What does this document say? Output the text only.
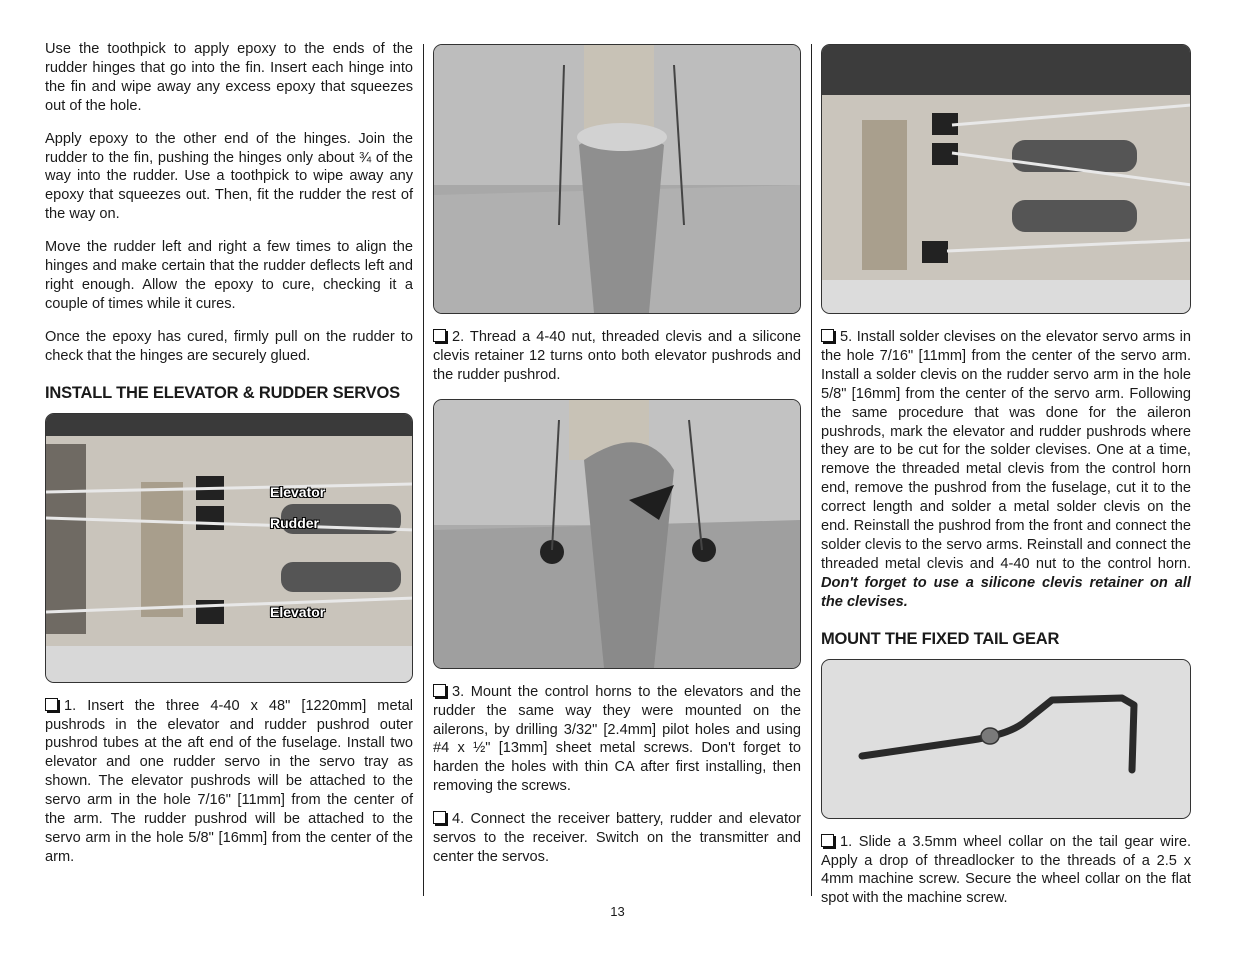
Use the toothpick to apply epoxy to the ends of the rudder hinges that go into the fin. Insert each hinge into the fin and wipe away any excess epoxy that squeezes out of the hole.

Apply epoxy to the other end of the hinges. Join the rudder to the fin, pushing the hinges only about ¾ of the way into the rudder. Use a toothpick to wipe away any epoxy that squeezes out. Then, fit the rudder the rest of the way on.

Move the rudder left and right a few times to align the hinges and make certain that the rudder deflects left and right enough. Allow the epoxy to cure, checking it a couple of times while it cures.

Once the epoxy has cured, firmly pull on the rudder to check that the hinges are securely glued.

INSTALL THE ELEVATOR & RUDDER SERVOS
Elevator
Rudder
Elevator

1. Insert the three 4-40 x 48" [1220mm] metal pushrods in the elevator and rudder pushrod outer pushrod tubes at the aft end of the fuselage. Install two elevator and one rudder servo in the servo tray as shown. The elevator pushrods will be attached to the servo arm in the hole 7/16" [11mm] from the center of the arm. The rudder pushrod will be attached to the servo arm in the hole 5/8" [16mm] from the center of the arm.

2. Thread a 4-40 nut, threaded clevis and a silicone clevis retainer 12 turns onto both elevator pushrods and the rudder pushrod.

3. Mount the control horns to the elevators and the rudder the same way they were mounted on the ailerons, by drilling 3/32" [2.4mm] pilot holes and using #4 x ½" [13mm] sheet metal screws. Don't forget to harden the holes with thin CA after first installing, then removing the screws.

4. Connect the receiver battery, rudder and elevator servos to the receiver. Switch on the transmitter and center the servos.

5. Install solder clevises on the elevator servo arms in the hole 7/16" [11mm] from the center of the servo arm. Install a solder clevis on the rudder servo arm in the hole 5/8" [16mm] from the center of the servo arm. Following the same procedure that was done for the aileron pushrods, mark the elevator and rudder pushrods where they are to be cut for the solder clevises. One at a time, remove the threaded metal clevis from the control horn end, remove the pushrod from the fuselage, cut it to the correct length and solder a metal solder clevis on the end. Reinstall the pushrod from the front and connect the solder clevis to the servo arms. Reinstall and connect the threaded metal clevis and 4-40 nut to the control horn. Don't forget to use a silicone clevis retainer on all the clevises.

MOUNT THE FIXED TAIL GEAR

1. Slide a 3.5mm wheel collar on the tail gear wire. Apply a drop of threadlocker to the threads of a 2.5 x 4mm machine screw. Secure the wheel collar on the flat spot with the machine screw.

13
